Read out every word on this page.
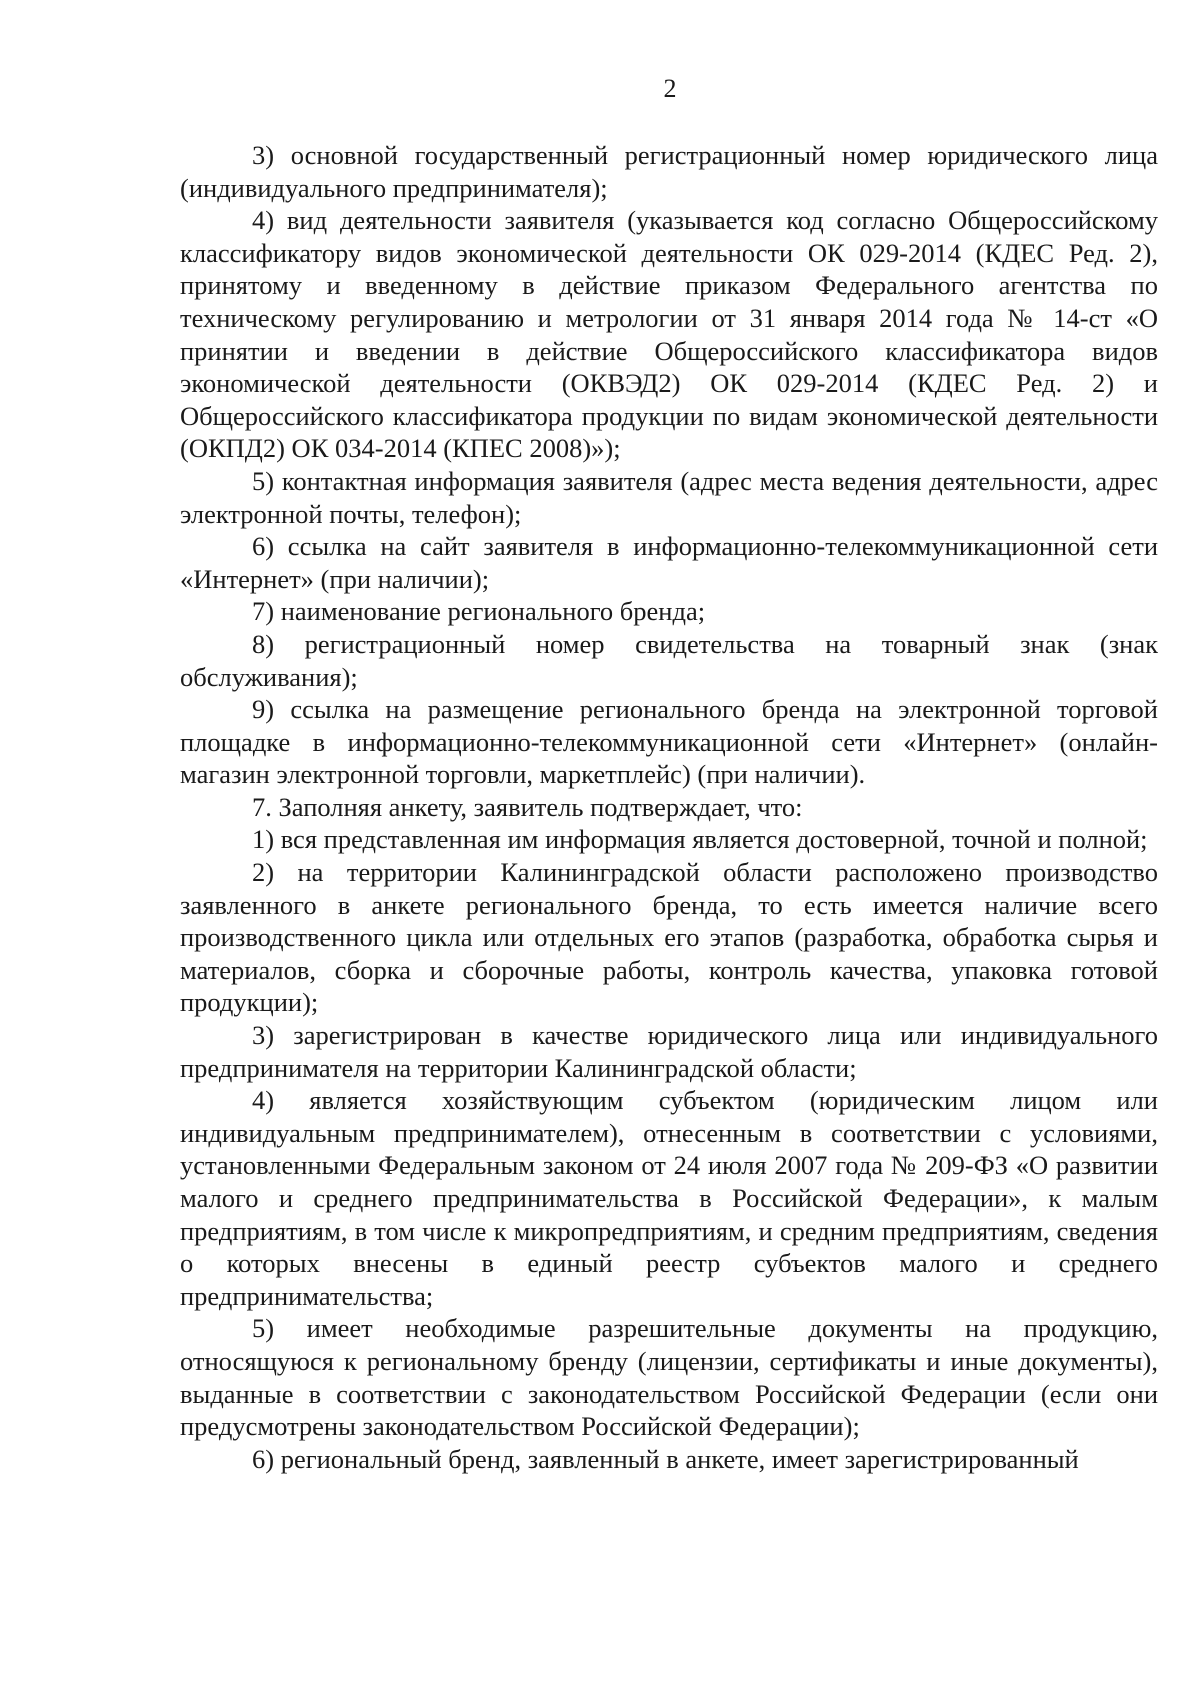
2

3) основной государственный регистрационный номер юридического лица (индивидуального предпринимателя);

4) вид деятельности заявителя (указывается код согласно Общероссийскому классификатору видов экономической деятельности ОК 029-2014 (КДЕС Ред. 2), принятому и введенному в действие приказом Федерального агентства по техническому регулированию и метрологии от 31 января 2014 года № 14-ст «О принятии и введении в действие Общероссийского классификатора видов экономической деятельности (ОКВЭД2) ОК 029-2014 (КДЕС Ред. 2) и Общероссийского классификатора продукции по видам экономической деятельности (ОКПД2) ОК 034-2014 (КПЕС 2008)»);

5) контактная информация заявителя (адрес места ведения деятельности, адрес электронной почты, телефон);

6) ссылка на сайт заявителя в информационно-телекоммуникационной сети «Интернет» (при наличии);

7) наименование регионального бренда;

8) регистрационный номер свидетельства на товарный знак (знак обслуживания);

9) ссылка на размещение регионального бренда на электронной торговой площадке в информационно-телекоммуникационной сети «Интернет» (онлайн-магазин электронной торговли, маркетплейс) (при наличии).

7. Заполняя анкету, заявитель подтверждает, что:

1) вся представленная им информация является достоверной, точной и полной;

2) на территории Калининградской области расположено производство заявленного в анкете регионального бренда, то есть имеется наличие всего производственного цикла или отдельных его этапов (разработка, обработка сырья и материалов, сборка и сборочные работы, контроль качества, упаковка готовой продукции);

3) зарегистрирован в качестве юридического лица или индивидуального предпринимателя на территории Калининградской области;

4) является хозяйствующим субъектом (юридическим лицом или индивидуальным предпринимателем), отнесенным в соответствии с условиями, установленными Федеральным законом от 24 июля 2007 года № 209-ФЗ «О развитии малого и среднего предпринимательства в Российской Федерации», к малым предприятиям, в том числе к микропредприятиям, и средним предприятиям, сведения о которых внесены в единый реестр субъектов малого и среднего предпринимательства;

5) имеет необходимые разрешительные документы на продукцию, относящуюся к региональному бренду (лицензии, сертификаты и иные документы), выданные в соответствии с законодательством Российской Федерации (если они предусмотрены законодательством Российской Федерации);

6) региональный бренд, заявленный в анкете, имеет зарегистрированный
